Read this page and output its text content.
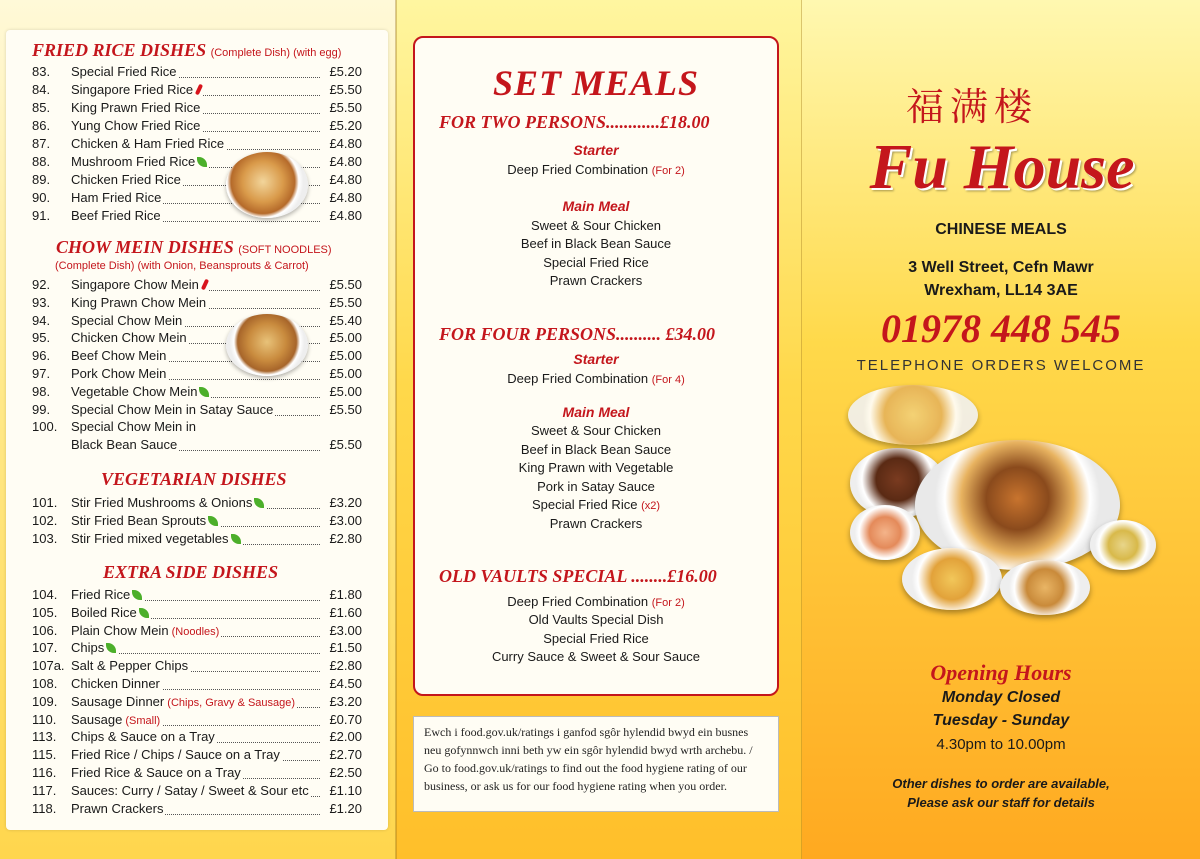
FRIED RICE DISHES (Complete Dish) (with egg)
83.	Special Fried Rice	£5.20
84.	Singapore Fried Rice	£5.50
85.	King Prawn Fried Rice	£5.50
86.	Yung Chow Fried Rice	£5.20
87.	Chicken & Ham Fried Rice	£4.80
88.	Mushroom Fried Rice	£4.80
89.	Chicken Fried Rice	£4.80
90.	Ham Fried Rice	£4.80
91.	Beef Fried Rice	£4.80
CHOW MEIN DISHES (SOFT NOODLES)
(Complete Dish) (with Onion, Beansprouts & Carrot)
92.	Singapore Chow Mein	£5.50
93.	King Prawn Chow Mein	£5.50
94.	Special Chow Mein	£5.40
95.	Chicken Chow Mein	£5.00
96.	Beef Chow Mein	£5.00
97.	Pork Chow Mein	£5.00
98.	Vegetable Chow Mein	£5.00
99.	Special Chow Mein in Satay Sauce	£5.50
100.	Special Chow Mein in
Black Bean Sauce	£5.50
VEGETARIAN DISHES
101.	Stir Fried Mushrooms & Onions	£3.20
102.	Stir Fried Bean Sprouts	£3.00
103.	Stir Fried mixed vegetables	£2.80
EXTRA SIDE DISHES
104.	Fried Rice	£1.80
105.	Boiled Rice	£1.60
106.	Plain Chow Mein (Noodles)	£3.00
107.	Chips	£1.50
107a. Salt & Pepper Chips	£2.80
108.	Chicken Dinner	£4.50
109.	Sausage Dinner (Chips, Gravy & Sausage)	£3.20
110.	Sausage (Small)	£0.70
113.	Chips & Sauce on a Tray	£2.00
115.	Fried Rice / Chips / Sauce on a Tray	£2.70
116.	Fried Rice & Sauce on a Tray	£2.50
117.	Sauces: Curry / Satay / Sweet & Sour etc £1.10
118.	Prawn Crackers	£1.20
SET MEALS
FOR TWO PERSONS............£18.00
Starter
Deep Fried Combination (For 2)
Main Meal
Sweet & Sour Chicken
Beef in Black Bean Sauce
Special Fried Rice
Prawn Crackers
FOR FOUR PERSONS.......... £34.00
Starter
Deep Fried Combination (For 4)
Main Meal
Sweet & Sour Chicken
Beef in Black Bean Sauce
King Prawn with Vegetable
Pork in Satay Sauce
Special Fried Rice (x2)
Prawn Crackers
OLD VAULTS SPECIAL ........£16.00
Deep Fried Combination (For 2)
Old Vaults Special Dish
Special Fried Rice
Curry Sauce & Sweet & Sour Sauce
Ewch i food.gov.uk/ratings i ganfod sgôr hylendid bwyd ein busnes
neu gofynnwch inni beth yw ein sgôr hylendid bwyd wrth archebu. /
Go to food.gov.uk/ratings to find out the food hygiene rating of our
business, or ask us for our food hygiene rating when you order.
福满楼
Fu House
CHINESE MEALS
3 Well Street, Cefn Mawr
Wrexham, LL14 3AE
01978 448 545
TELEPHONE ORDERS WELCOME
Opening Hours
Monday Closed
Tuesday - Sunday
4.30pm to 10.00pm
Other dishes to order are available,
Please ask our staff for details
